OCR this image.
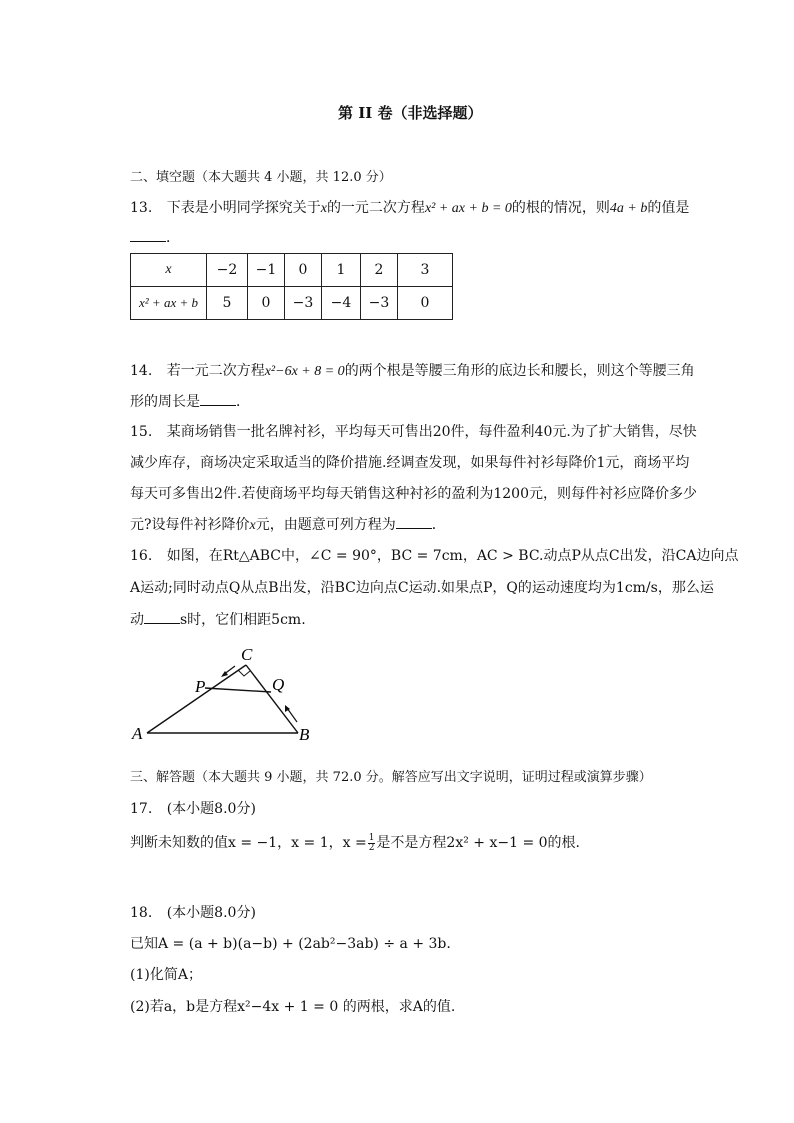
第 II 卷（非选择题）
二、填空题（本大题共 4 小题，共 12.0 分）
13. 下表是小明同学探究关于x的一元二次方程x² + ax + b = 0的根的情况，则4a + b的值是
．
x	−2	−1	0	1	2	3
x² + ax + b	5	0	−3	−4	−3	0
14. 若一元二次方程x²−6x + 8 = 0的两个根是等腰三角形的底边长和腰长，则这个等腰三角
形的周长是	．
15. 某商场销售一批名牌衬衫，平均每天可售出20件，每件盈利40元.为了扩大销售，尽快
减少库存，商场决定采取适当的降价措施.经调查发现，如果每件衬衫每降价1元，商场平均
每天可多售出2件.若使商场平均每天销售这种衬衫的盈利为1200元，则每件衬衫应降价多少
元?设每件衬衫降价x元，由题意可列方程为	．
16. 如图，在Rt△ABC中，∠C = 90°，BC = 7cm，AC > BC.动点P从点C出发，沿CA边向点
A运动;同时动点Q从点B出发，沿BC边向点C运动.如果点P，Q的运动速度均为1cm/s，那么运
动	s时，它们相距5cm.
C
P	Q
A	B
三、解答题（本大题共 9 小题，共 72.0 分。解答应写出文字说明，证明过程或演算步骤）
17. (本小题8.0分)
判断未知数的值x = −1，x = 1，$x = \frac{1}{2}$ 是不是方程2x² + x−1 = 0的根.
18. (本小题8.0分)
已知A = (a + b)(a−b) + (2ab²−3ab) ÷ a + 3b.
(1)化简A；
(2)若a，b是方程x²−4x + 1 = 0 的两根，求A的值.
